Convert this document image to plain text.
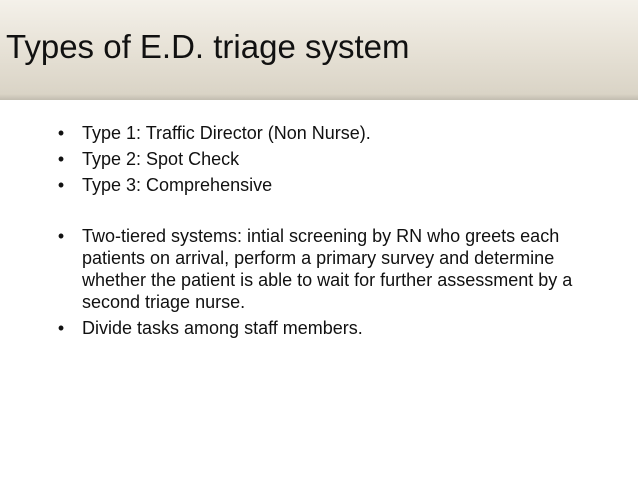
Types of E.D. triage system
• Type 1: Traffic Director (Non Nurse).
• Type 2: Spot Check
• Type 3: Comprehensive
• Two-tiered systems: intial screening by RN who greets each patients on arrival, perform a primary survey and determine whether the patient is able to wait for further assessment by a second triage nurse.
• Divide tasks among staff members.
